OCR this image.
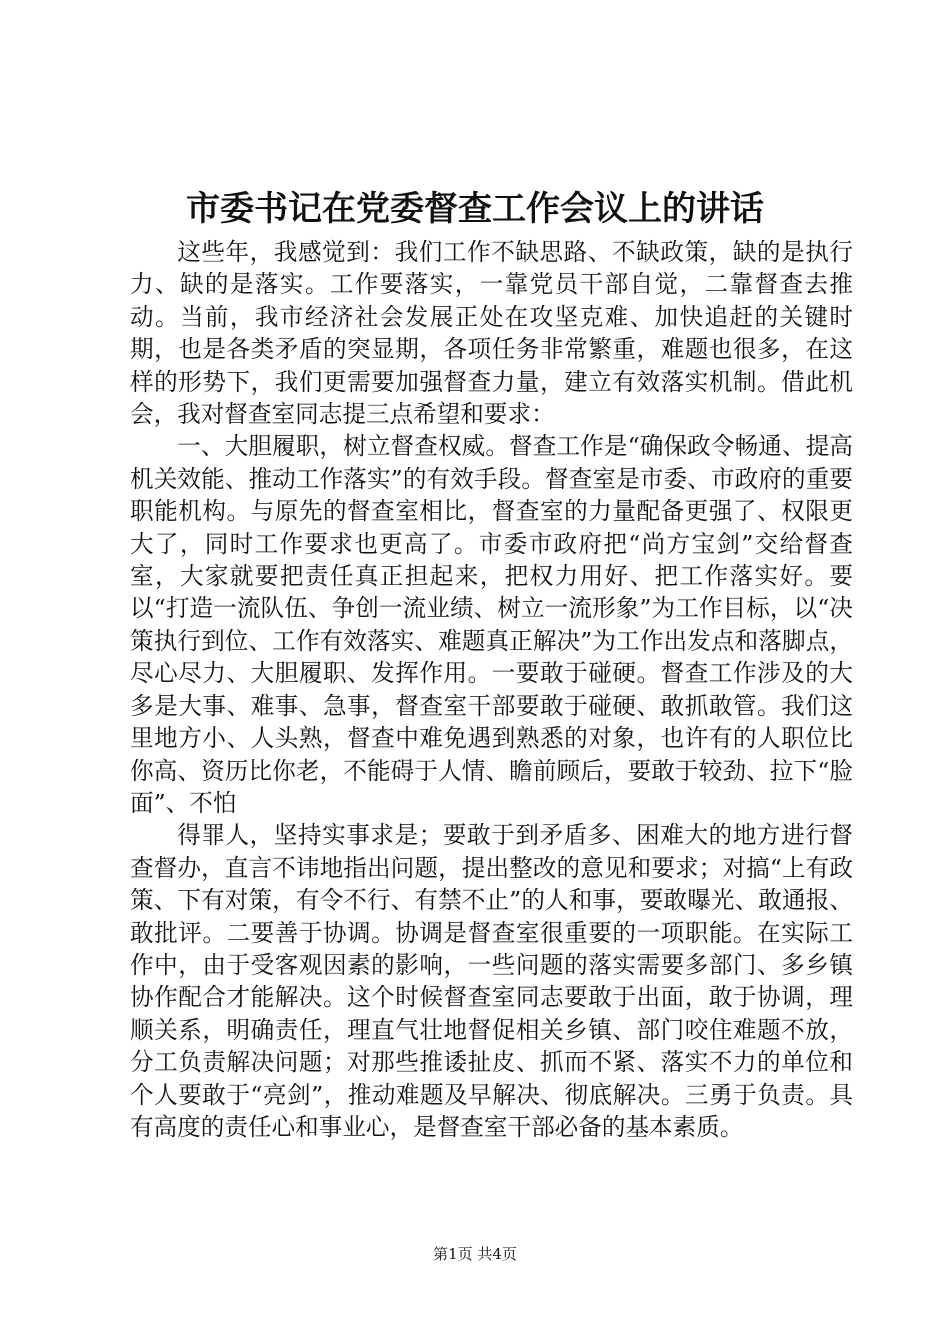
市委书记在党委督查工作会议上的讲话

这些年，我感觉到：我们工作不缺思路、不缺政策，缺的是执行力、缺的是落实。工作要落实，一靠党员干部自觉，二靠督查去推动。当前，我市经济社会发展正处在攻坚克难、加快追赶的关键时期，也是各类矛盾的突显期，各项任务非常繁重，难题也很多，在这样的形势下，我们更需要加强督查力量，建立有效落实机制。借此机会，我对督查室同志提三点希望和要求：

一、大胆履职，树立督查权威。督查工作是“确保政令畅通、提高机关效能、推动工作落实”的有效手段。督查室是市委、市政府的重要职能机构。与原先的督查室相比，督查室的力量配备更强了、权限更大了，同时工作要求也更高了。市委市政府把“尚方宝剑”交给督查室，大家就要把责任真正担起来，把权力用好、把工作落实好。要以“打造一流队伍、争创一流业绩、树立一流形象”为工作目标，以“决策执行到位、工作有效落实、难题真正解决”为工作出发点和落脚点，尽心尽力、大胆履职、发挥作用。一要敢于碰硬。督查工作涉及的大多是大事、难事、急事，督查室干部要敢于碰硬、敢抓敢管。我们这里地方小、人头熟，督查中难免遇到熟悉的对象，也许有的人职位比你高、资历比你老，不能碍于人情、瞻前顾后，要敢于较劲、拉下“脸面”、不怕

得罪人，坚持实事求是；要敢于到矛盾多、困难大的地方进行督查督办，直言不讳地指出问题，提出整改的意见和要求；对搞“上有政策、下有对策，有令不行、有禁不止”的人和事，要敢曝光、敢通报、敢批评。二要善于协调。协调是督查室很重要的一项职能。在实际工作中，由于受客观因素的影响，一些问题的落实需要多部门、多乡镇协作配合才能解决。这个时候督查室同志要敢于出面，敢于协调，理顺关系，明确责任，理直气壮地督促相关乡镇、部门咬住难题不放，分工负责解决问题；对那些推诿扯皮、抓而不紧、落实不力的单位和个人要敢于“亮剑”，推动难题及早解决、彻底解决。三勇于负责。具有高度的责任心和事业心，是督查室干部必备的基本素质。

第1页 共4页
